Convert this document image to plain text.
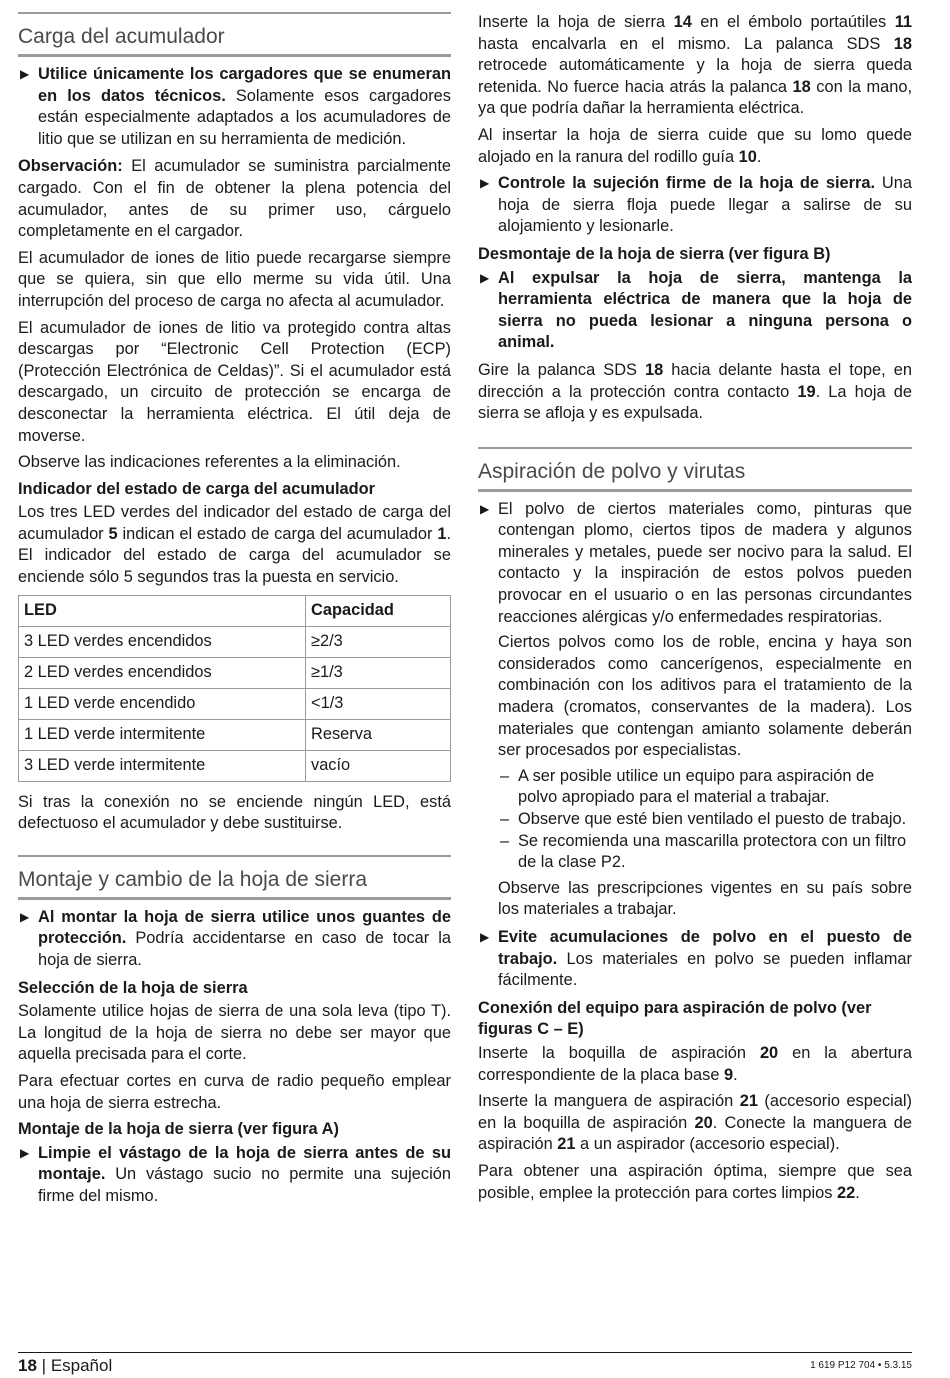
Carga del acumulador
▶ Utilice únicamente los cargadores que se enumeran en los datos técnicos. Solamente esos cargadores están especialmente adaptados a los acumuladores de litio que se utilizan en su herramienta de medición.

Observación: El acumulador se suministra parcialmente cargado. Con el fin de obtener la plena potencia del acumulador, antes de su primer uso, cárguelo completamente en el cargador.

El acumulador de iones de litio puede recargarse siempre que se quiera, sin que ello merme su vida útil. Una interrupción del proceso de carga no afecta al acumulador.

El acumulador de iones de litio va protegido contra altas descargas por “Electronic Cell Protection (ECP) (Protección Electrónica de Celdas)”. Si el acumulador está descargado, un circuito de protección se encarga de desconectar la herramienta eléctrica. El útil deja de moverse.

Observe las indicaciones referentes a la eliminación.

Indicador del estado de carga del acumulador

Los tres LED verdes del indicador del estado de carga del acumulador 5 indican el estado de carga del acumulador 1. El indicador del estado de carga del acumulador se enciende sólo 5 segundos tras la puesta en servicio.

LED	Capacidad
3 LED verdes encendidos	≥2/3
2 LED verdes encendidos	≥1/3
1 LED verde encendido	<1/3
1 LED verde intermitente	Reserva
3 LED verde intermitente	vacío

Si tras la conexión no se enciende ningún LED, está defectuoso el acumulador y debe sustituirse.

Montaje y cambio de la hoja de sierra
▶ Al montar la hoja de sierra utilice unos guantes de protección. Podría accidentarse en caso de tocar la hoja de sierra.

Selección de la hoja de sierra

Solamente utilice hojas de sierra de una sola leva (tipo T). La longitud de la hoja de sierra no debe ser mayor que aquella precisada para el corte.

Para efectuar cortes en curva de radio pequeño emplear una hoja de sierra estrecha.

Montaje de la hoja de sierra (ver figura A)
▶ Limpie el vástago de la hoja de sierra antes de su montaje. Un vástago sucio no permite una sujeción firme del mismo.

Inserte la hoja de sierra 14 en el émbolo portaútiles 11 hasta encalvarla en el mismo. La palanca SDS 18 retrocede automáticamente y la hoja de sierra queda retenida. No fuerce hacia atrás la palanca 18 con la mano, ya que podría dañar la herramienta eléctrica.

Al insertar la hoja de sierra cuide que su lomo quede alojado en la ranura del rodillo guía 10.

▶ Controle la sujeción firme de la hoja de sierra. Una hoja de sierra floja puede llegar a salirse de su alojamiento y lesionarle.

Desmontaje de la hoja de sierra (ver figura B)
▶ Al expulsar la hoja de sierra, mantenga la herramienta eléctrica de manera que la hoja de sierra no pueda lesionar a ninguna persona o animal.

Gire la palanca SDS 18 hacia delante hasta el tope, en dirección a la protección contra contacto 19. La hoja de sierra se afloja y es expulsada.

Aspiración de polvo y virutas
▶ El polvo de ciertos materiales como, pinturas que contengan plomo, ciertos tipos de madera y algunos minerales y metales, puede ser nocivo para la salud. El contacto y la inspiración de estos polvos pueden provocar en el usuario o en las personas circundantes reacciones alérgicas y/o enfermedades respiratorias.

Ciertos polvos como los de roble, encina y haya son considerados como cancerígenos, especialmente en combinación con los aditivos para el tratamiento de la madera (cromatos, conservantes de la madera). Los materiales que contengan amianto solamente deberán ser procesados por especialistas.

– A ser posible utilice un equipo para aspiración de polvo apropiado para el material a trabajar.
– Observe que esté bien ventilado el puesto de trabajo.
– Se recomienda una mascarilla protectora con un filtro de la clase P2.

Observe las prescripciones vigentes en su país sobre los materiales a trabajar.

▶ Evite acumulaciones de polvo en el puesto de trabajo. Los materiales en polvo se pueden inflamar fácilmente.

Conexión del equipo para aspiración de polvo (ver figuras C – E)

Inserte la boquilla de aspiración 20 en la abertura correspondiente de la placa base 9.

Inserte la manguera de aspiración 21 (accesorio especial) en la boquilla de aspiración 20. Conecte la manguera de aspiración 21 a un aspirador (accesorio especial).

Para obtener una aspiración óptima, siempre que sea posible, emplee la protección para cortes limpios 22.

18 | Español	1 619 P12 704 • 5.3.15
